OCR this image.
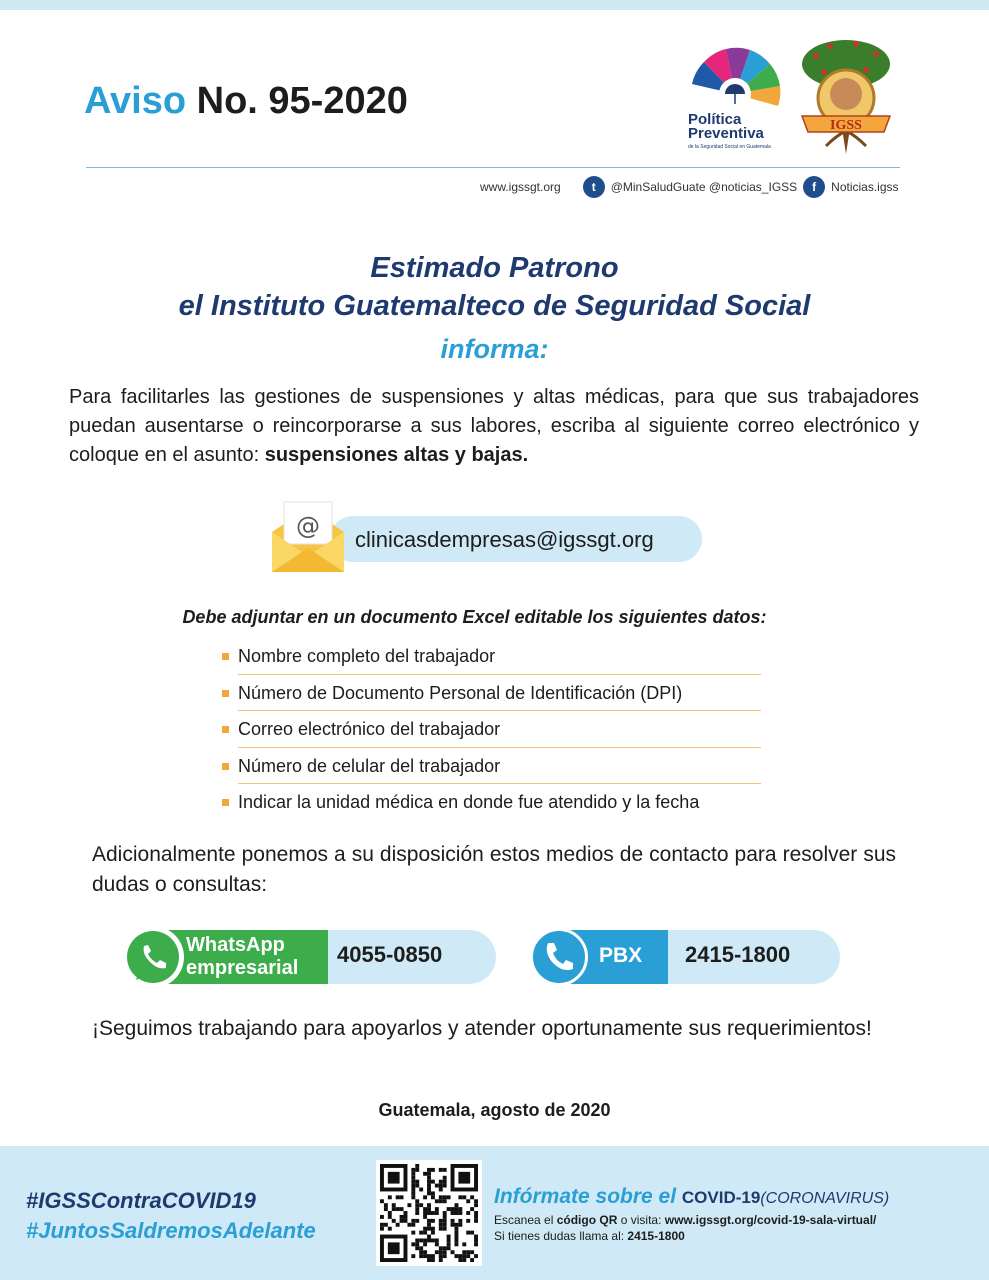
Aviso No. 95-2020	Política
Preventiva
de la Seguridad Social en Guatemala
IGSS
www.igssgt.org	t	@MinSaludGuate @noticias_IGSS	f	Noticias.igss
Estimado Patrono
el Instituto Guatemalteco de Seguridad Social
informa:
Para facilitarles las gestiones de suspensiones y altas médicas, para que sus trabajadores puedan ausentarse o reincorporarse a sus labores, escriba al siguiente correo electrónico y coloque en el asunto: suspensiones altas y bajas.
@ clinicasdempresas@igssgt.org
Debe adjuntar en un documento Excel editable los siguientes datos:
Nombre completo del trabajador
Número de Documento Personal de Identificación (DPI)
Correo electrónico del trabajador
Número de celular del trabajador
Indicar la unidad médica en donde fue atendido y la fecha
Adicionalmente ponemos a su disposición estos medios de contacto para resolver sus dudas o consultas:
WhatsApp
empresarial
4055-0850	PBX 2415-1800
¡Seguimos trabajando para apoyarlos y atender oportunamente sus requerimientos!
Guatemala, agosto de 2020
#IGSSContraCOVID19
#JuntosSaldremosAdelante
Infórmate sobre el COVID-19(CORONAVIRUS)
Escanea el código QR o visita: www.igssgt.org/covid-19-sala-virtual/
Si tienes dudas llama al: 2415-1800
